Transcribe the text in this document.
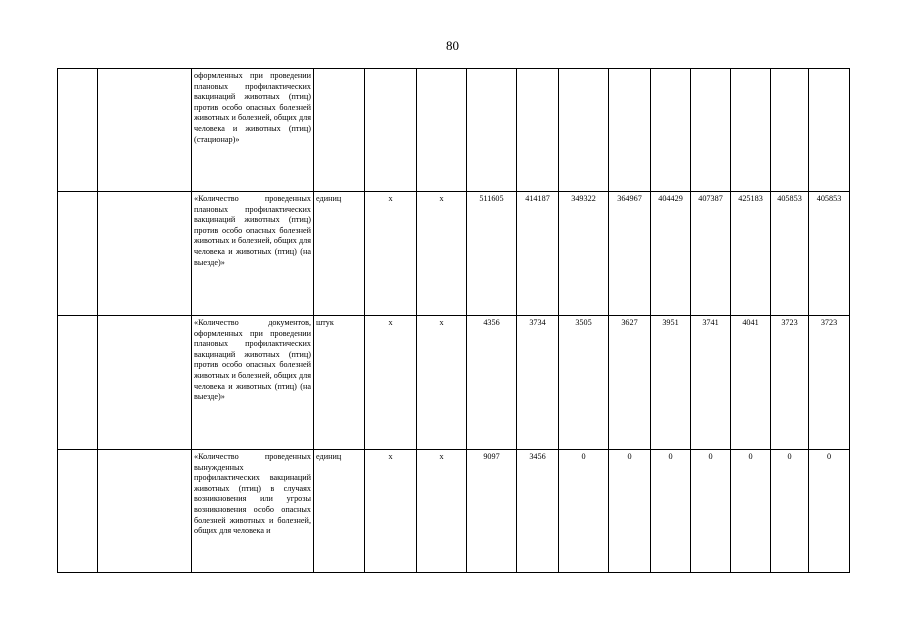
80
		оформленных при проведении плановых профилактических вакцинаций животных (птиц) против особо опасных болезней животных и болезней, общих для человека и животных (птиц) (стационар)»												
		«Количество проведенных плановых профилактических вакцинаций животных (птиц) против особо опасных болезней животных и болезней, общих для человека и животных (птиц) (на выезде)»	единиц	х	х	511605	414187	349322	364967	404429	407387	425183	405853	405853
		«Количество документов, оформленных при проведении плановых профилактических вакцинаций животных (птиц) против особо опасных болезней животных и болезней, общих для человека и животных (птиц) (на выезде)»	штук	х	х	4356	3734	3505	3627	3951	3741	4041	3723	3723
		«Количество проведенных вынужденных профилактических вакцинаций животных (птиц) в случаях возникновения или угрозы возникновения особо опасных болезней животных и болезней, общих для человека и	единиц	х	х	9097	3456	0	0	0	0	0	0	0
